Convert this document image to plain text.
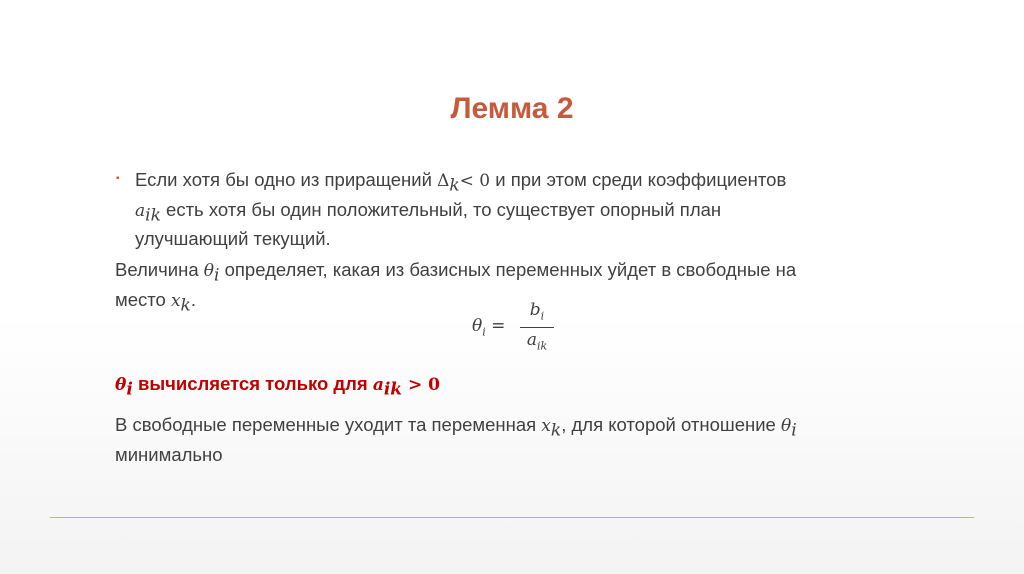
Лемма 2
▪ Если хотя бы одно из приращений $\Delta_k< 0$ и при этом среди коэффициентов
$a_{ik}$ есть хотя бы один положительный, то существует опорный план
улучшающий текущий.
Величина $\theta_i$ определяет, какая из базисных переменных уйдет в свободные на
место $x_k$.
$\theta_i$ =
$b_i$
$a_{ik}$
$\theta_i$ вычисляется только для $a_{ik} > 0$
В свободные переменные уходит та переменная $x_k$, для которой отношение $\theta_i$
минимально
